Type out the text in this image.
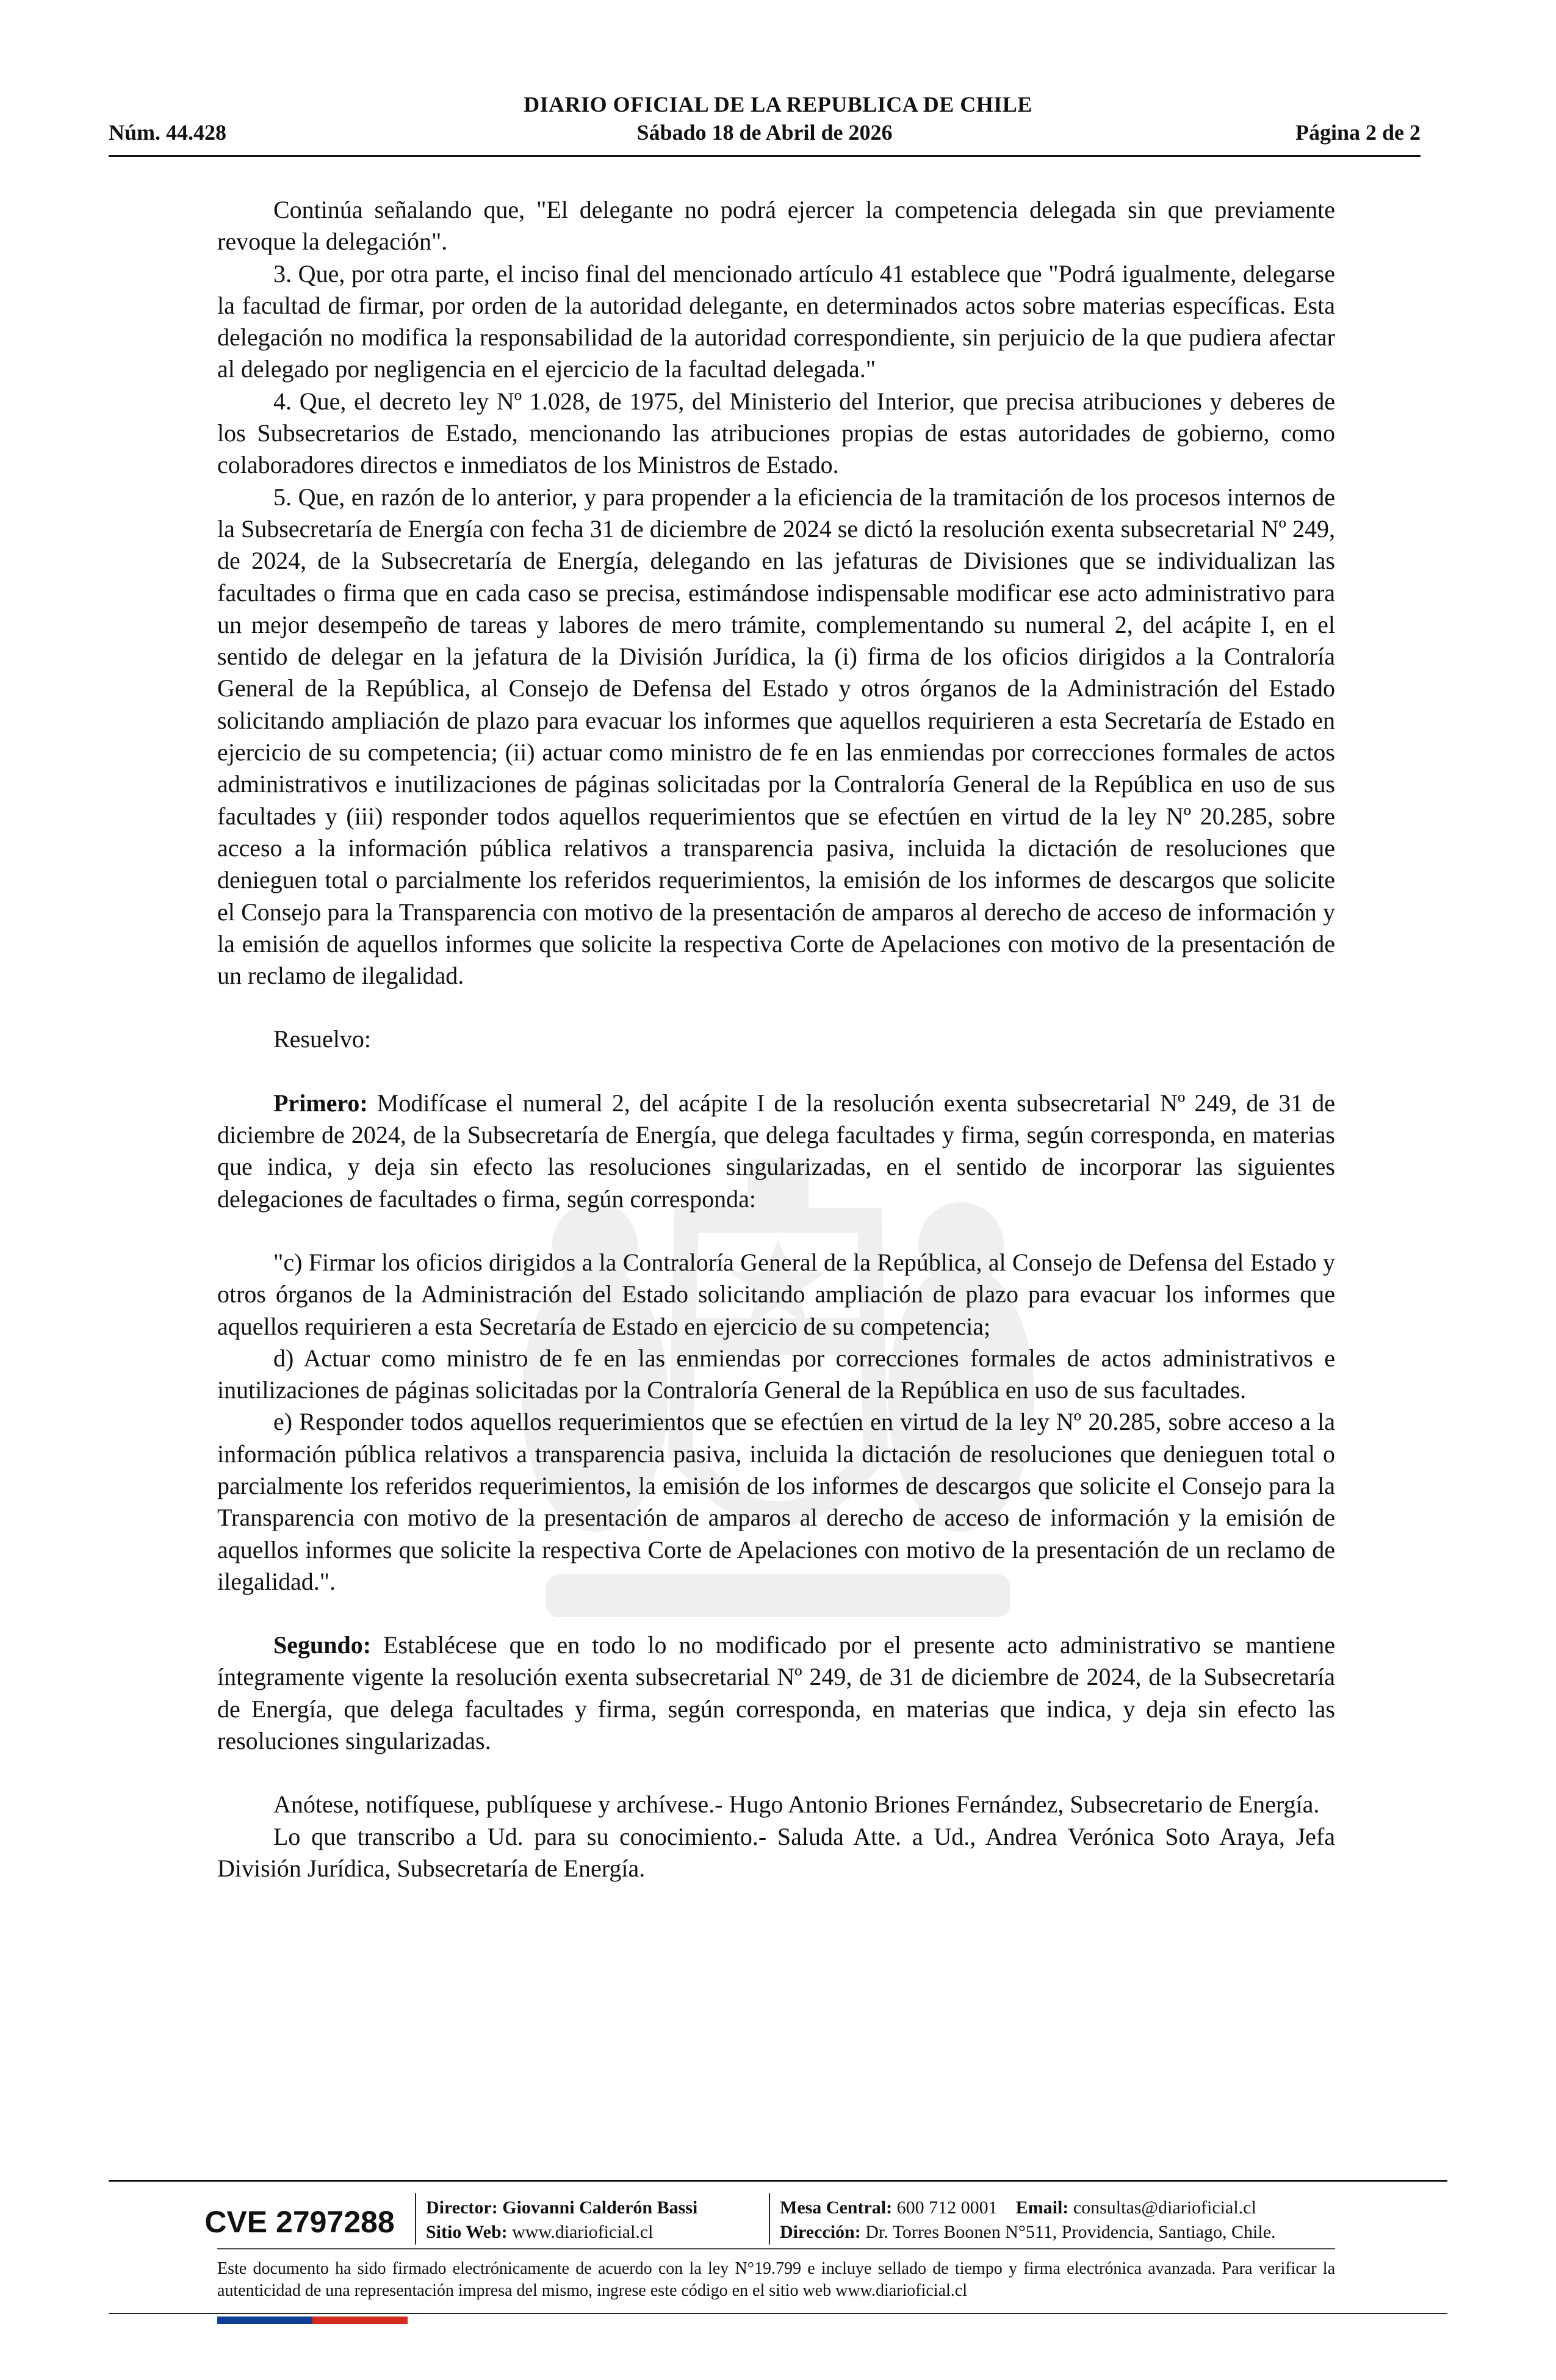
DIARIO OFICIAL DE LA REPUBLICA DE CHILE
Sábado 18 de Abril de 2026
Núm. 44.428	Página 2 de 2

Continúa señalando que, "El delegante no podrá ejercer la competencia delegada sin que previamente revoque la delegación".

3. Que, por otra parte, el inciso final del mencionado artículo 41 establece que "Podrá igualmente, delegarse la facultad de firmar, por orden de la autoridad delegante, en determinados actos sobre materias específicas. Esta delegación no modifica la responsabilidad de la autoridad correspondiente, sin perjuicio de la que pudiera afectar al delegado por negligencia en el ejercicio de la facultad delegada."

4. Que, el decreto ley Nº 1.028, de 1975, del Ministerio del Interior, que precisa atribuciones y deberes de los Subsecretarios de Estado, mencionando las atribuciones propias de estas autoridades de gobierno, como colaboradores directos e inmediatos de los Ministros de Estado.

5. Que, en razón de lo anterior, y para propender a la eficiencia de la tramitación de los procesos internos de la Subsecretaría de Energía con fecha 31 de diciembre de 2024 se dictó la resolución exenta subsecretarial Nº 249, de 2024, de la Subsecretaría de Energía, delegando en las jefaturas de Divisiones que se individualizan las facultades o firma que en cada caso se precisa, estimándose indispensable modificar ese acto administrativo para un mejor desempeño de tareas y labores de mero trámite, complementando su numeral 2, del acápite I, en el sentido de delegar en la jefatura de la División Jurídica, la (i) firma de los oficios dirigidos a la Contraloría General de la República, al Consejo de Defensa del Estado y otros órganos de la Administración del Estado solicitando ampliación de plazo para evacuar los informes que aquellos requirieren a esta Secretaría de Estado en ejercicio de su competencia; (ii) actuar como ministro de fe en las enmiendas por correcciones formales de actos administrativos e inutilizaciones de páginas solicitadas por la Contraloría General de la República en uso de sus facultades y (iii) responder todos aquellos requerimientos que se efectúen en virtud de la ley Nº 20.285, sobre acceso a la información pública relativos a transparencia pasiva, incluida la dictación de resoluciones que denieguen total o parcialmente los referidos requerimientos, la emisión de los informes de descargos que solicite el Consejo para la Transparencia con motivo de la presentación de amparos al derecho de acceso de información y la emisión de aquellos informes que solicite la respectiva Corte de Apelaciones con motivo de la presentación de un reclamo de ilegalidad.

Resuelvo:

Primero: Modifícase el numeral 2, del acápite I de la resolución exenta subsecretarial Nº 249, de 31 de diciembre de 2024, de la Subsecretaría de Energía, que delega facultades y firma, según corresponda, en materias que indica, y deja sin efecto las resoluciones singularizadas, en el sentido de incorporar las siguientes delegaciones de facultades o firma, según corresponda:

"c) Firmar los oficios dirigidos a la Contraloría General de la República, al Consejo de Defensa del Estado y otros órganos de la Administración del Estado solicitando ampliación de plazo para evacuar los informes que aquellos requirieren a esta Secretaría de Estado en ejercicio de su competencia;

d) Actuar como ministro de fe en las enmiendas por correcciones formales de actos administrativos e inutilizaciones de páginas solicitadas por la Contraloría General de la República en uso de sus facultades.

e) Responder todos aquellos requerimientos que se efectúen en virtud de la ley Nº 20.285, sobre acceso a la información pública relativos a transparencia pasiva, incluida la dictación de resoluciones que denieguen total o parcialmente los referidos requerimientos, la emisión de los informes de descargos que solicite el Consejo para la Transparencia con motivo de la presentación de amparos al derecho de acceso de información y la emisión de aquellos informes que solicite la respectiva Corte de Apelaciones con motivo de la presentación de un reclamo de ilegalidad.".

Segundo: Establécese que en todo lo no modificado por el presente acto administrativo se mantiene íntegramente vigente la resolución exenta subsecretarial Nº 249, de 31 de diciembre de 2024, de la Subsecretaría de Energía, que delega facultades y firma, según corresponda, en materias que indica, y deja sin efecto las resoluciones singularizadas.

Anótese, notifíquese, publíquese y archívese.- Hugo Antonio Briones Fernández, Subsecretario de Energía.

Lo que transcribo a Ud. para su conocimiento.- Saluda Atte. a Ud., Andrea Verónica Soto Araya, Jefa División Jurídica, Subsecretaría de Energía.

CVE 2797288	Director: Giovanni Calderón Bassi
Sitio Web: www.diarioficial.cl
Mesa Central: 600 712 0001 Email: consultas@diarioficial.cl
Dirección: Dr. Torres Boonen N°511, Providencia, Santiago, Chile.
Este documento ha sido firmado electrónicamente de acuerdo con la ley N°19.799 e incluye sellado de tiempo y firma electrónica avanzada. Para verificar la autenticidad de una representación impresa del mismo, ingrese este código en el sitio web www.diarioficial.cl
